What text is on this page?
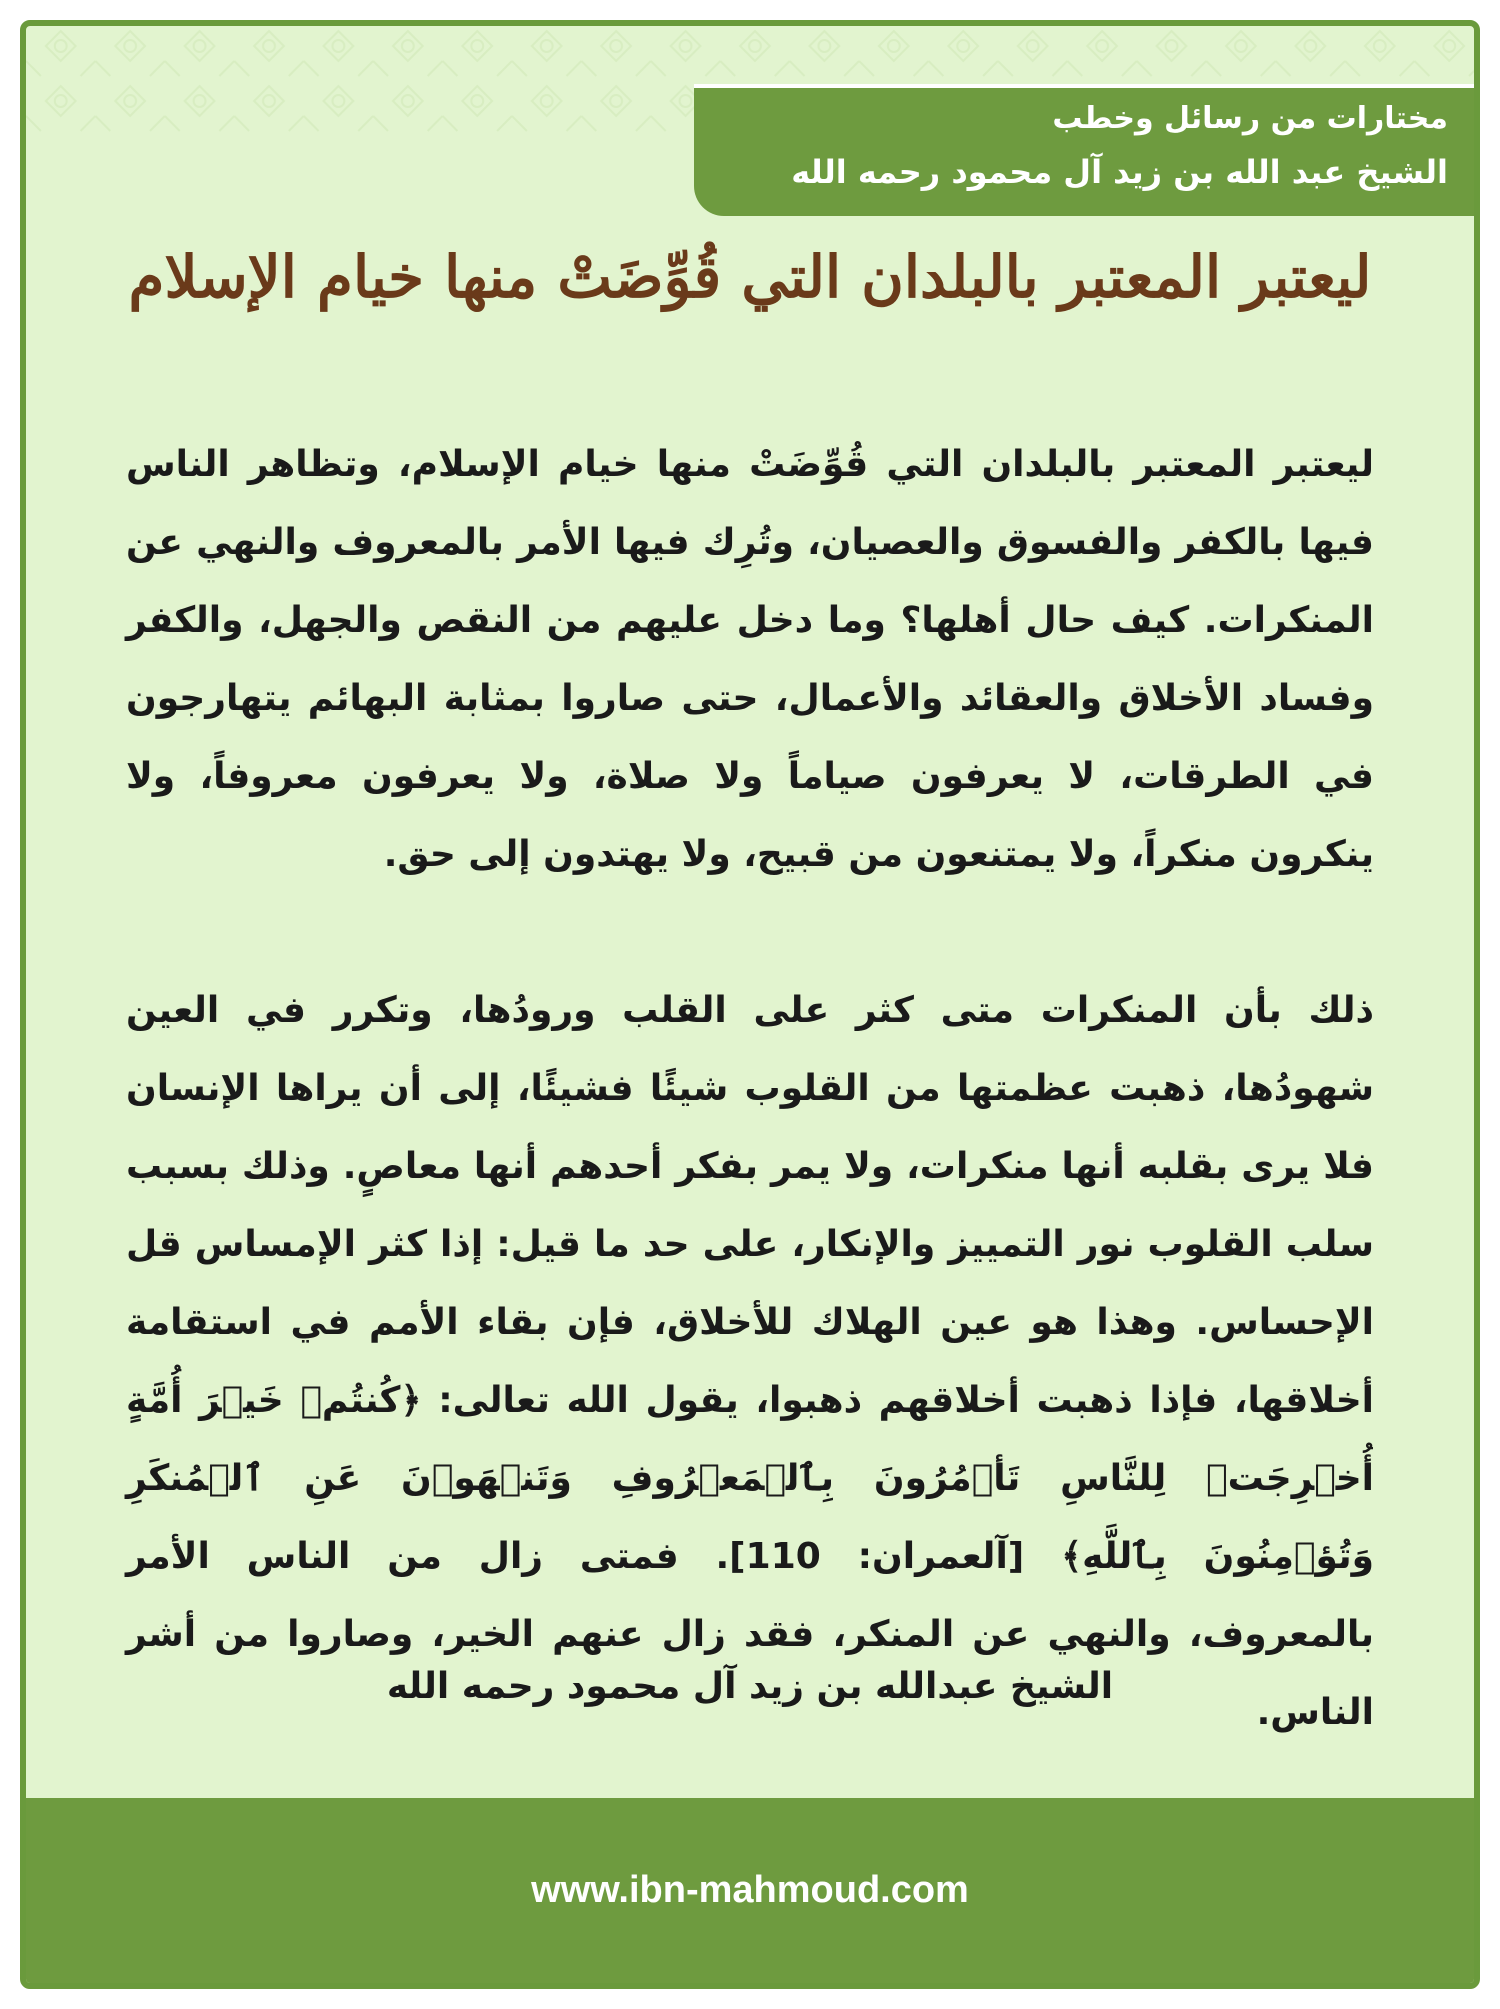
مختارات من رسائل وخطب
الشيخ عبد الله بن زيد آل محمود رحمه الله
ليعتبر المعتبر بالبلدان التي قُوِّضَتْ منها خيام الإسلام

ليعتبر المعتبر بالبلدان التي قُوِّضَتْ منها خيام الإسلام، وتظاهر الناس فيها بالكفر والفسوق والعصيان، وتُرِك فيها الأمر بالمعروف والنهي عن المنكرات. كيف حال أهلها؟ وما دخل عليهم من النقص والجهل، والكفر وفساد الأخلاق والعقائد والأعمال، حتى صاروا بمثابة البهائم يتهارجون في الطرقات، لا يعرفون صياماً ولا صلاة، ولا يعرفون معروفاً، ولا ينكرون منكراً، ولا يمتنعون من قبيح، ولا يهتدون إلى حق.

ذلك بأن المنكرات متى كثر على القلب ورودُها، وتكرر في العين شهودُها، ذهبت عظمتها من القلوب شيئًا فشيئًا، إلى أن يراها الإنسان فلا يرى بقلبه أنها منكرات، ولا يمر بفكر أحدهم أنها معاصٍ. وذلك بسبب سلب القلوب نور التمييز والإنكار، على حد ما قيل: إذا كثر الإمساس قل الإحساس. وهذا هو عين الهلاك للأخلاق، فإن بقاء الأمم في استقامة أخلاقها، فإذا ذهبت أخلاقهم ذهبوا، يقول الله تعالى: ﴿كُنتُمۡ خَيۡرَ أُمَّةٍ أُخۡرِجَتۡ لِلنَّاسِ تَأۡمُرُونَ بِٱلۡمَعۡرُوفِ وَتَنۡهَوۡنَ عَنِ ٱلۡمُنكَرِ وَتُؤۡمِنُونَ بِٱللَّهِ﴾ [آلعمران: 110]. فمتى زال من الناس الأمر بالمعروف، والنهي عن المنكر، فقد زال عنهم الخير، وصاروا من أشر الناس.

الشيخ عبدالله بن زيد آل محمود رحمه الله
www.ibn-mahmoud.com
